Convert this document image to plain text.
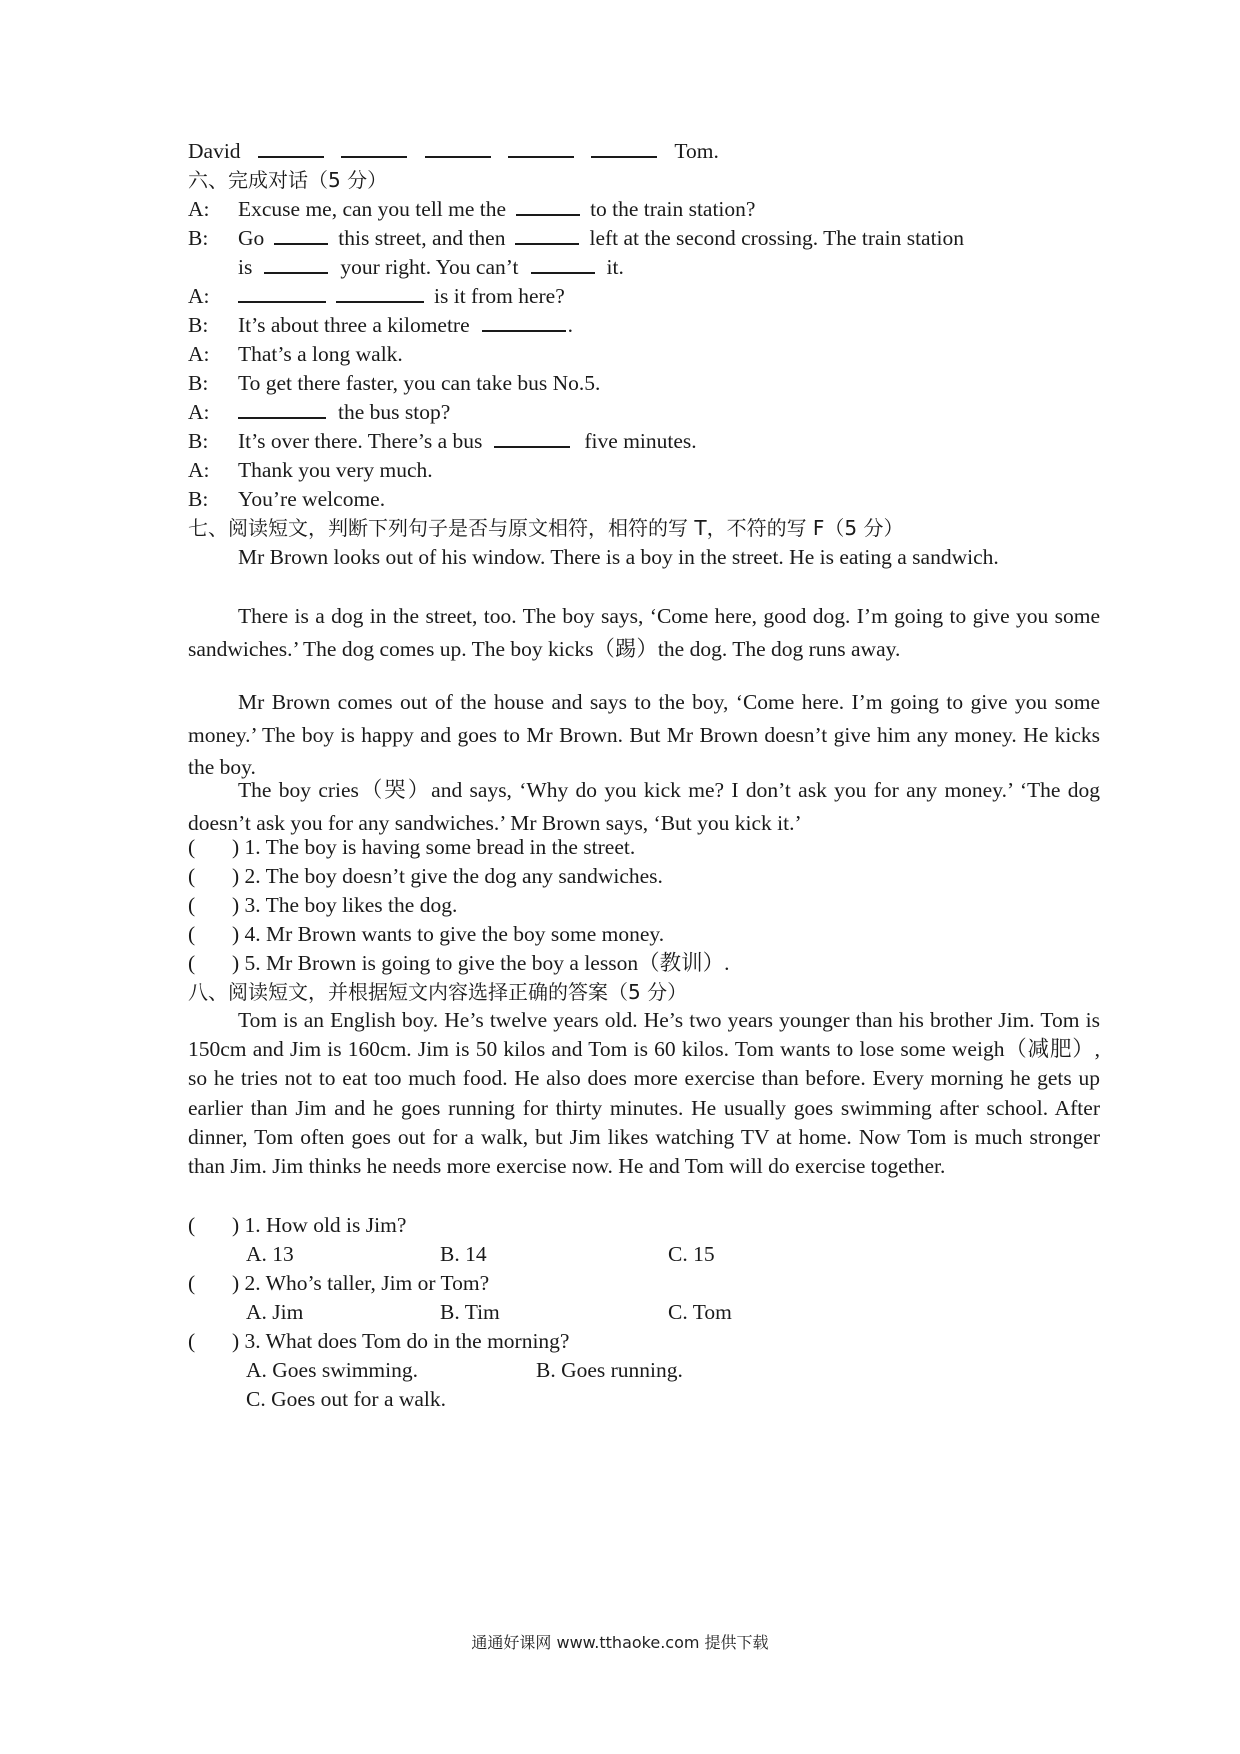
David	Tom.
六、完成对话（5 分）
A: Excuse me, can you tell me the	to the train station?
B: Go	this street, and then	left at the second crossing. The train station
is	your right. You can’t	it.
A:	is it from here?
B: It’s about three a kilometre	.
A: That’s a long walk.
B: To get there faster, you can take bus No.5.
A:	the bus stop?
B: It’s over there. There’s a bus	five minutes.
A: Thank you very much.
B: You’re welcome.
七、阅读短文，判断下列句子是否与原文相符，相符的写 T，不符的写 F（5 分）
Mr Brown looks out of his window. There is a boy in the street. He is eating a sandwich.
There is a dog in the street, too. The boy says, ‘Come here, good dog. I’m going to give you some sandwiches.’ The dog comes up. The boy kicks（踢）the dog. The dog runs away.
Mr Brown comes out of the house and says to the boy, ‘Come here. I’m going to give you some money.’ The boy is happy and goes to Mr Brown. But Mr Brown doesn’t give him any money. He kicks the boy.
The boy cries（哭）and says, ‘Why do you kick me? I don’t ask you for any money.’ ‘The dog doesn’t ask you for any sandwiches.’ Mr Brown says, ‘But you kick it.’
( ) 1. The boy is having some bread in the street.
( ) 2. The boy doesn’t give the dog any sandwiches.
( ) 3. The boy likes the dog.
( ) 4. Mr Brown wants to give the boy some money.
( ) 5. Mr Brown is going to give the boy a lesson（教训）.
八、阅读短文，并根据短文内容选择正确的答案（5 分）
Tom is an English boy. He’s twelve years old. He’s two years younger than his brother Jim. Tom is 150cm and Jim is 160cm. Jim is 50 kilos and Tom is 60 kilos. Tom wants to lose some weigh（减肥）, so he tries not to eat too much food. He also does more exercise than before. Every morning he gets up earlier than Jim and he goes running for thirty minutes. He usually goes swimming after school. After dinner, Tom often goes out for a walk, but Jim likes watching TV at home. Now Tom is much stronger than Jim. Jim thinks he needs more exercise now. He and Tom will do exercise together.
( ) 1. How old is Jim?
A. 13	B. 14	C. 15
( ) 2. Who’s taller, Jim or Tom?
A. Jim	B. Tim	C. Tom
( ) 3. What does Tom do in the morning?
A. Goes swimming.	B. Goes running.
C. Goes out for a walk.
通通好课网 www.tthaoke.com 提供下载
